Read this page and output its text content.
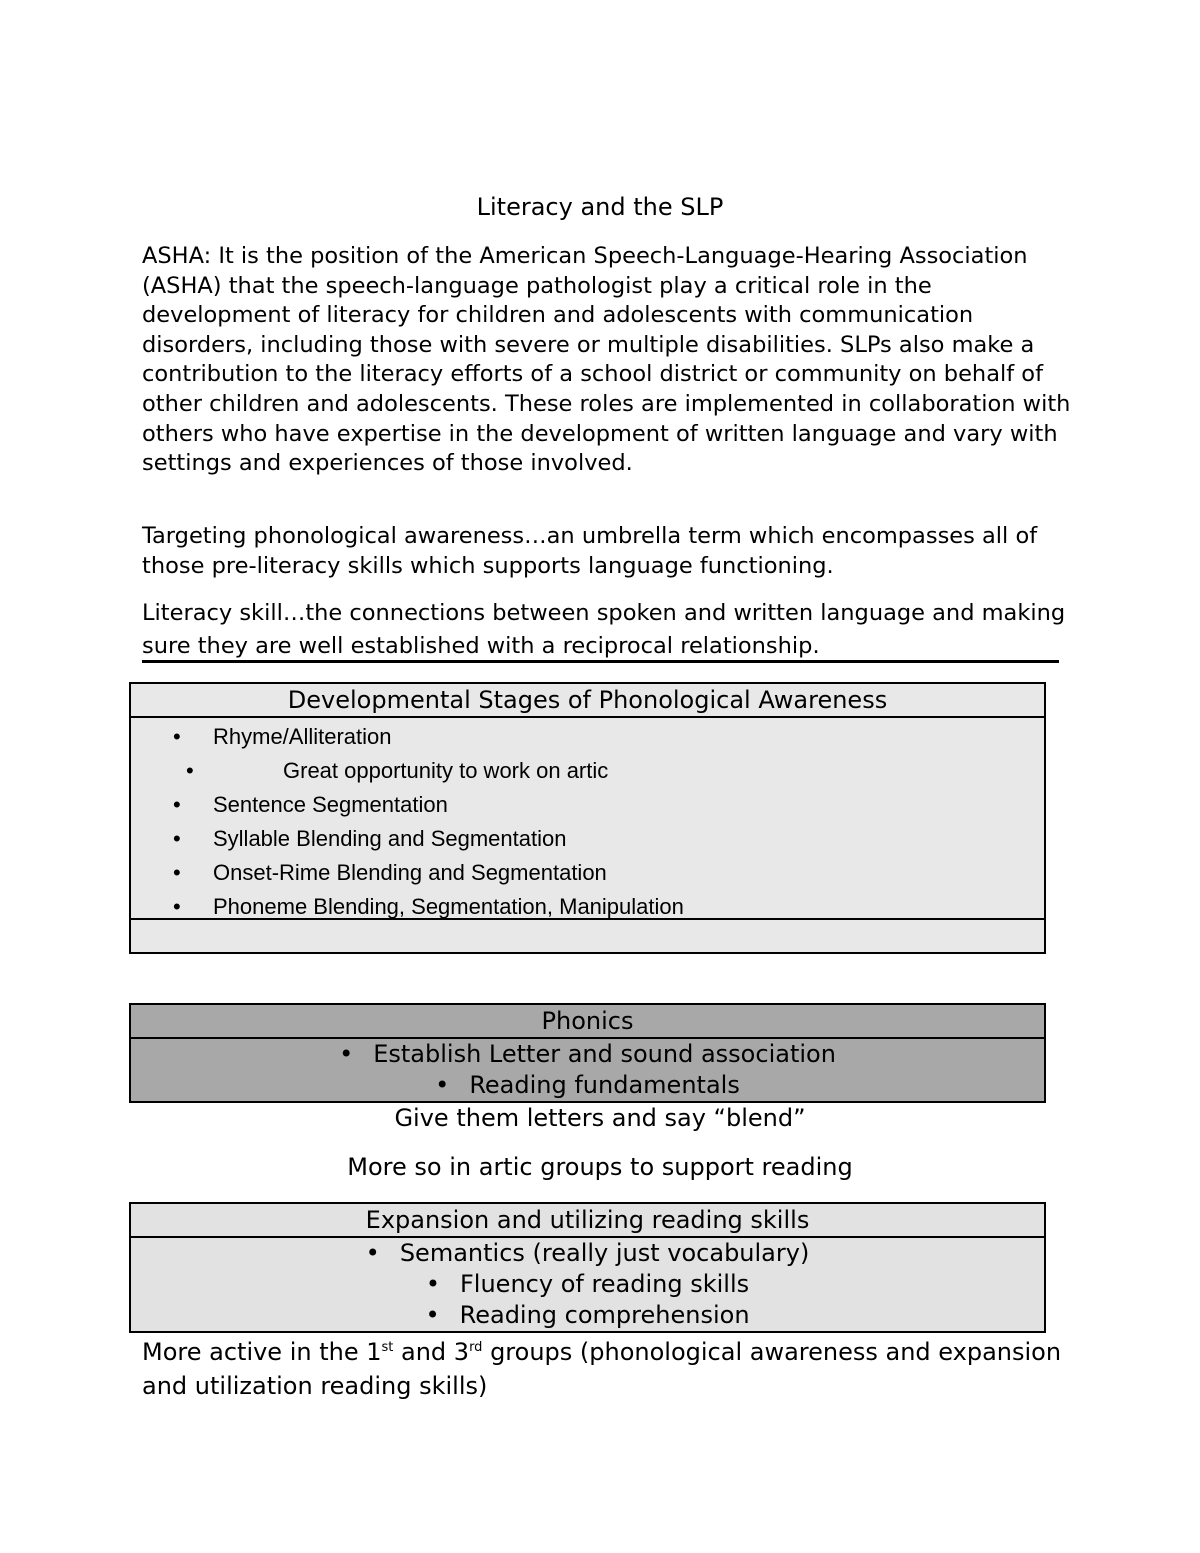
Literacy and the SLP
ASHA: It is the position of the American Speech-Language-Hearing Association (ASHA) that the speech-language pathologist play a critical role in the development of literacy for children and adolescents with communication disorders, including those with severe or multiple disabilities. SLPs also make a contribution to the literacy efforts of a school district or community on behalf of other children and adolescents. These roles are implemented in collaboration with others who have expertise in the development of written language and vary with settings and experiences of those involved.
Targeting phonological awareness…an umbrella term which encompasses all of those pre-literacy skills which supports language functioning.
Literacy skill…the connections between spoken and written language and making sure they are well established with a reciprocal relationship.
Developmental Stages of Phonological Awareness
• Rhyme/Alliteration
•	Great opportunity to work on artic
• Sentence Segmentation
• Syllable Blending and Segmentation
• Onset-Rime Blending and Segmentation
• Phoneme Blending, Segmentation, Manipulation
Phonics
• Establish Letter and sound association
• Reading fundamentals
Give them letters and say “blend”
More so in artic groups to support reading
Expansion and utilizing reading skills
• Semantics (really just vocabulary)
• Fluency of reading skills
• Reading comprehension
More active in the 1st and 3rd groups (phonological awareness and expansion and utilization reading skills)
